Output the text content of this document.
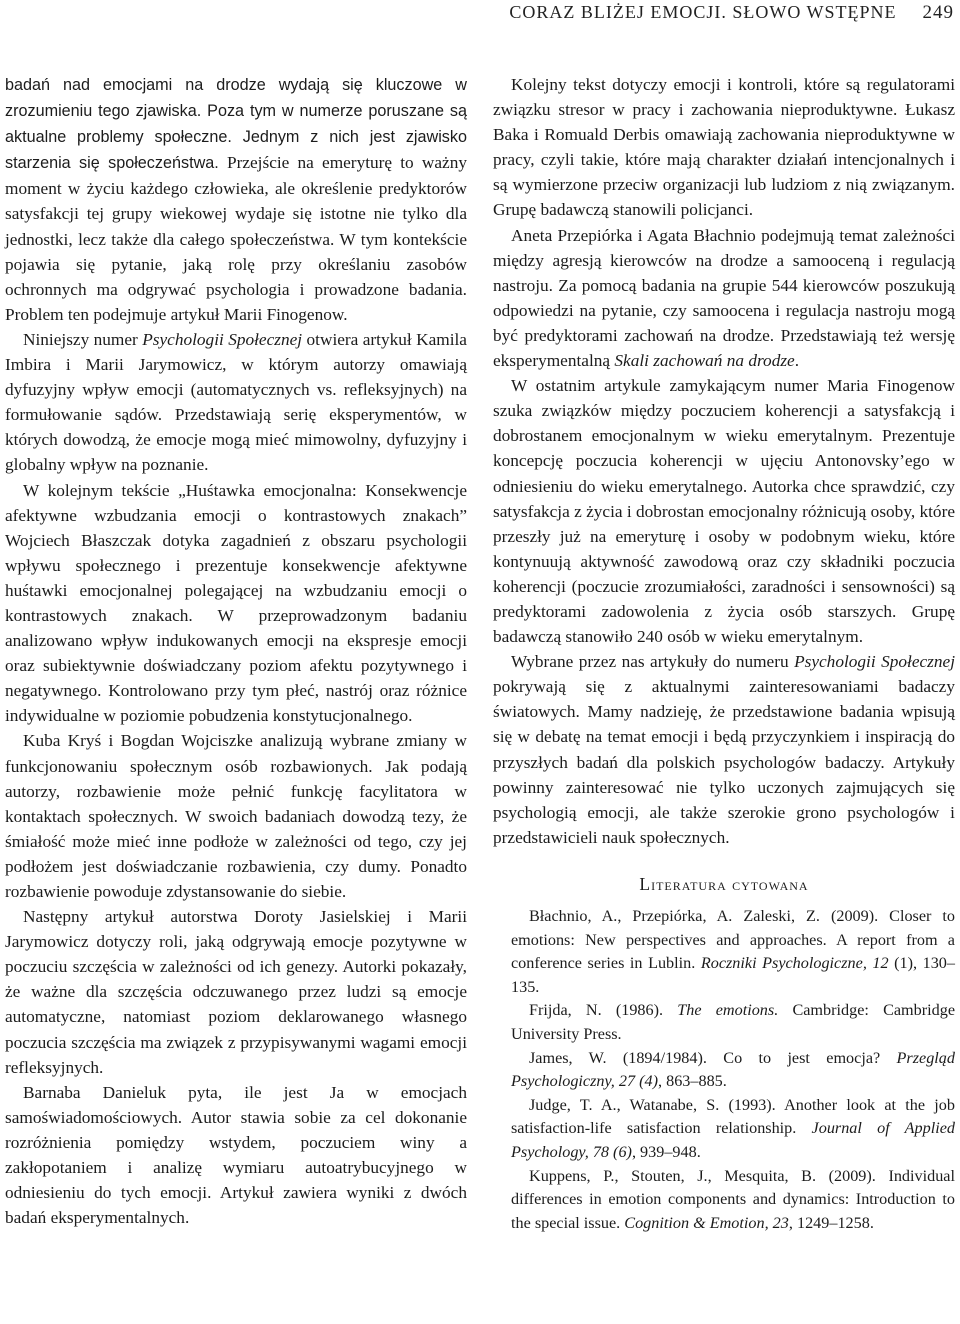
CORAZ BLIŻEJ EMOCJI. SŁOWO WSTĘPNE 249

badań nad emocjami na drodze wydają się kluczowe w zrozumieniu tego zjawiska. Poza tym w numerze poruszane są aktualne problemy społeczne. Jednym z nich jest zjawisko starzenia się społeczeństwa. Przejście na emeryturę to ważny moment w życiu każdego człowieka, ale określenie predyktorów satysfakcji tej grupy wiekowej wydaje się istotne nie tylko dla jednostki, lecz także dla całego społeczeństwa. W tym kontekście pojawia się pytanie, jaką rolę przy określaniu zasobów ochronnych ma odgrywać psychologia i prowadzone badania. Problem ten podejmuje artykuł Marii Finogenow.

Niniejszy numer Psychologii Społecznej otwiera artykuł Kamila Imbira i Marii Jarymowicz, w którym autorzy omawiają dyfuzyjny wpływ emocji (automatycznych vs. refleksyjnych) na formułowanie sądów. Przedstawiają serię eksperymentów, w których dowodzą, że emocje mogą mieć mimowolny, dyfuzyjny i globalny wpływ na poznanie.

W kolejnym tekście „Huśtawka emocjonalna: Konsekwencje afektywne wzbudzania emocji o kontrastowych znakach” Wojciech Błaszczak dotyka zagadnień z obszaru psychologii wpływu społecznego i prezentuje konsekwencje afektywne huśtawki emocjonalnej polegającej na wzbudzaniu emocji o kontrastowych znakach. W przeprowadzonym badaniu analizowano wpływ indukowanych emocji na ekspresje emocji oraz subiektywnie doświadczany poziom afektu pozytywnego i negatywnego. Kontrolowano przy tym płeć, nastrój oraz różnice indywidualne w poziomie pobudzenia konstytucjonalnego.

Kuba Kryś i Bogdan Wojciszke analizują wybrane zmiany w funkcjonowaniu społecznym osób rozbawionych. Jak podają autorzy, rozbawienie może pełnić funkcję facylitatora w kontaktach społecznych. W swoich badaniach dowodzą tezy, że śmiałość może mieć inne podłoże w zależności od tego, czy jej podłożem jest doświadczanie rozbawienia, czy dumy. Ponadto rozbawienie powoduje zdystansowanie do siebie.

Następny artykuł autorstwa Doroty Jasielskiej i Marii Jarymowicz dotyczy roli, jaką odgrywają emocje pozytywne w poczuciu szczęścia w zależności od ich genezy. Autorki pokazały, że ważne dla szczęścia odczuwanego przez ludzi są emocje automatyczne, natomiast poziom deklarowanego własnego poczucia szczęścia ma związek z przypisywanymi wagami emocji refleksyjnych.

Barnaba Danieluk pyta, ile jest Ja w emocjach samoświadomościowych. Autor stawia sobie za cel dokonanie rozróżnienia pomiędzy wstydem, poczuciem winy a zakłopotaniem i analizę wymiaru autoatrybucyjnego w odniesieniu do tych emocji. Artykuł zawiera wyniki z dwóch badań eksperymentalnych.

Kolejny tekst dotyczy emocji i kontroli, które są regulatorami związku stresor w pracy i zachowania nieproduktywne. Łukasz Baka i Romuald Derbis omawiają zachowania nieproduktywne w pracy, czyli takie, które mają charakter działań intencjonalnych i są wymierzone przeciw organizacji lub ludziom z nią związanym. Grupę badawczą stanowili policjanci.

Aneta Przepiórka i Agata Błachnio podejmują temat zależności między agresją kierowców na drodze a samooceną i regulacją nastroju. Za pomocą badania na grupie 544 kierowców poszukują odpowiedzi na pytanie, czy samoocena i regulacja nastroju mogą być predyktorami zachowań na drodze. Przedstawiają też wersję eksperymentalną Skali zachowań na drodze.

W ostatnim artykule zamykającym numer Maria Finogenow szuka związków między poczuciem koherencji a satysfakcją i dobrostanem emocjonalnym w wieku emerytalnym. Prezentuje koncepcję poczucia koherencji w ujęciu Antonovsky’ego w odniesieniu do wieku emerytalnego. Autorka chce sprawdzić, czy satysfakcja z życia i dobrostan emocjonalny różnicują osoby, które przeszły już na emeryturę i osoby w podobnym wieku, które kontynuują aktywność zawodową oraz czy składniki poczucia koherencji (poczucie zrozumiałości, zaradności i sensowności) są predyktorami zadowolenia z życia osób starszych. Grupę badawczą stanowiło 240 osób w wieku emerytalnym.

Wybrane przez nas artykuły do numeru Psychologii Społecznej pokrywają się z aktualnymi zainteresowaniami badaczy światowych. Mamy nadzieję, że przedstawione badania wpisują się w debatę na temat emocji i będą przyczynkiem i inspiracją do przyszłych badań dla polskich psychologów badaczy. Artykuły powinny zainteresować nie tylko uczonych zajmujących się psychologią emocji, ale także szerokie grono psychologów i przedstawicieli nauk społecznych.

Literatura cytowana

Błachnio, A., Przepiórka, A. Zaleski, Z. (2009). Closer to emotions: New perspectives and approaches. A report from a conference series in Lublin. Roczniki Psychologiczne, 12 (1), 130–135.

Frijda, N. (1986). The emotions. Cambridge: Cambridge University Press.

James, W. (1894/1984). Co to jest emocja? Przegląd Psychologiczny, 27 (4), 863–885.

Judge, T. A., Watanabe, S. (1993). Another look at the job satisfaction-life satisfaction relationship. Journal of Applied Psychology, 78 (6), 939–948.

Kuppens, P., Stouten, J., Mesquita, B. (2009). Individual differences in emotion components and dynamics: Introduction to the special issue. Cognition & Emotion, 23, 1249–1258.
